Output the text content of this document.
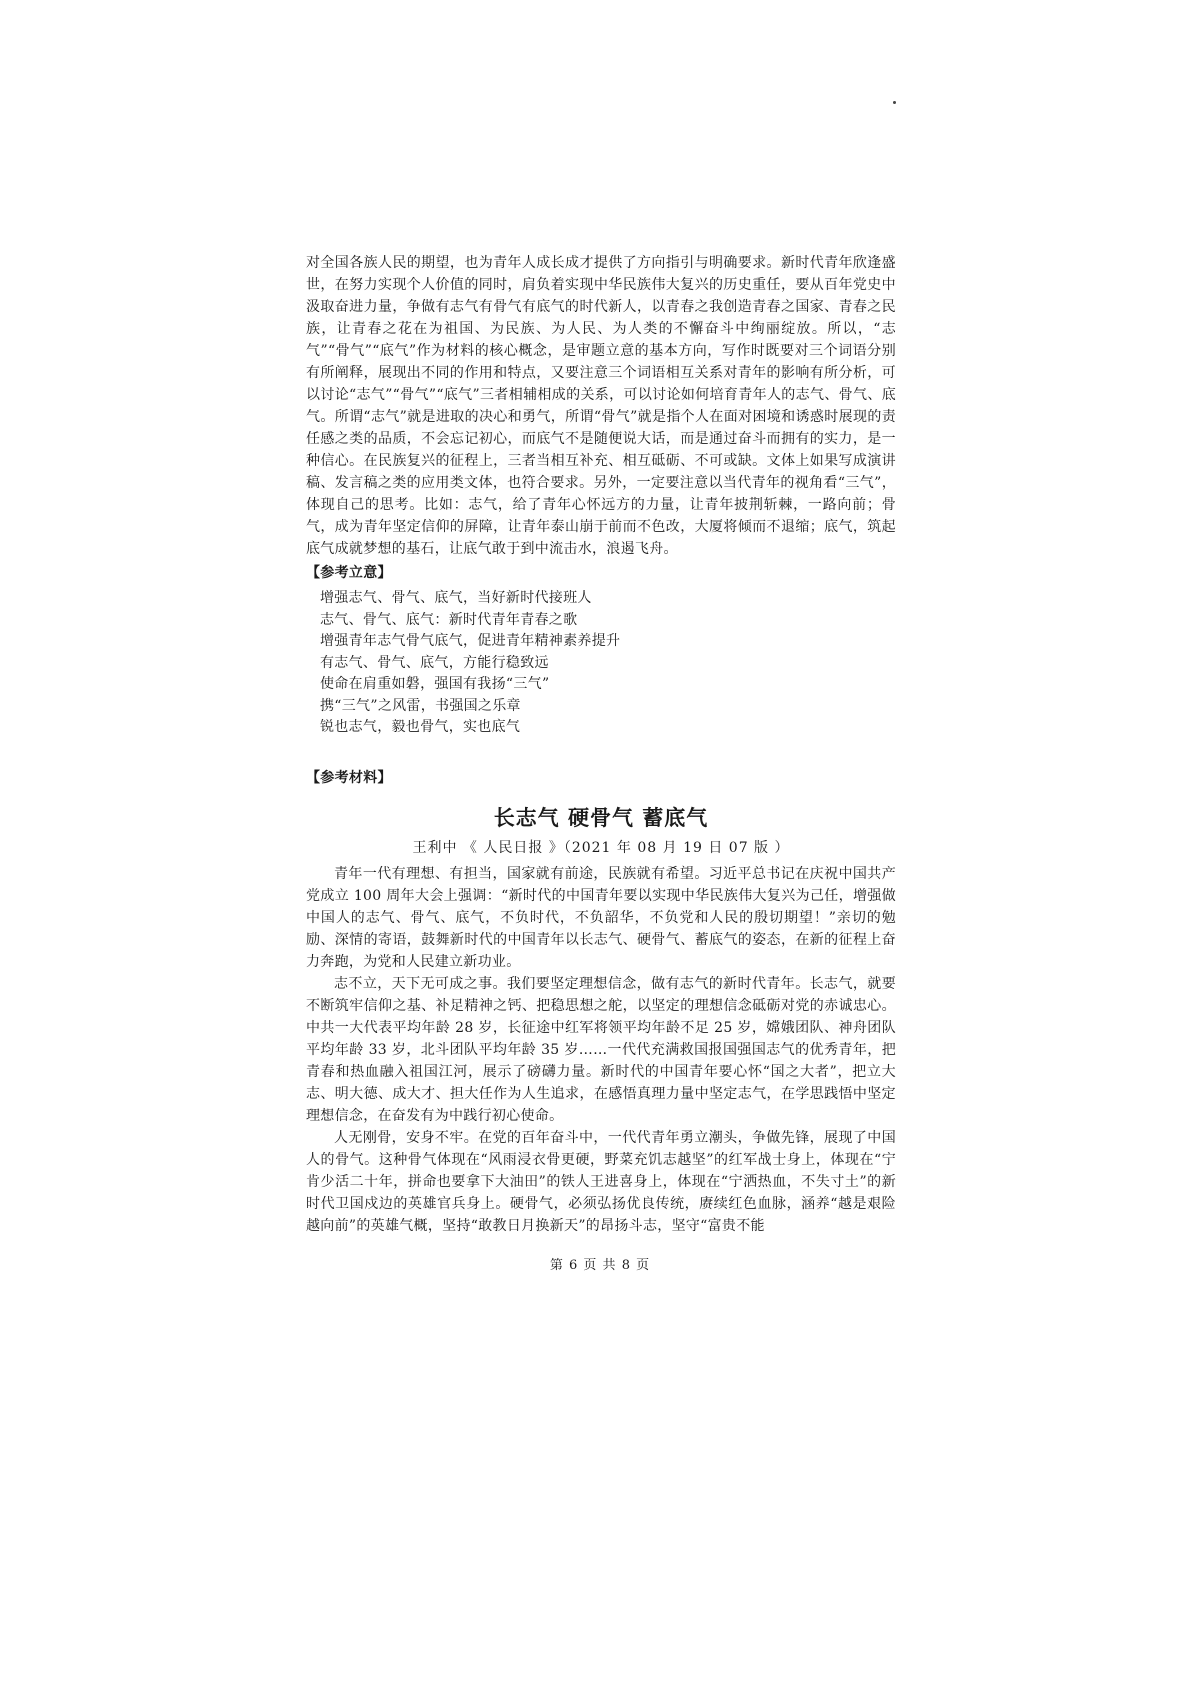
对全国各族人民的期望，也为青年人成长成才提供了方向指引与明确要求。新时代青年欣逢盛世，在努力实现个人价值的同时，肩负着实现中华民族伟大复兴的历史重任，要从百年党史中汲取奋进力量，争做有志气有骨气有底气的时代新人，以青春之我创造青春之国家、青春之民族，让青春之花在为祖国、为民族、为人民、为人类的不懈奋斗中绚丽绽放。所以，“志气”“骨气”“底气”作为材料的核心概念，是审题立意的基本方向，写作时既要对三个词语分别有所阐释，展现出不同的作用和特点，又要注意三个词语相互关系对青年的影响有所分析，可以讨论“志气”“骨气”“底气”三者相辅相成的关系，可以讨论如何培育青年人的志气、骨气、底气。所谓“志气”就是进取的决心和勇气，所谓“骨气”就是指个人在面对困境和诱惑时展现的责任感之类的品质，不会忘记初心，而底气不是随便说大话，而是通过奋斗而拥有的实力，是一种信心。在民族复兴的征程上，三者当相互补充、相互砥砺、不可或缺。文体上如果写成演讲稿、发言稿之类的应用类文体，也符合要求。另外，一定要注意以当代青年的视角看“三气”，体现自己的思考。比如：志气，给了青年心怀远方的力量，让青年披荆斩棘，一路向前；骨气，成为青年坚定信仰的屏障，让青年泰山崩于前而不色改，大厦将倾而不退缩；底气，筑起底气成就梦想的基石，让底气敢于到中流击水，浪遏飞舟。

【参考立意】
增强志气、骨气、底气，当好新时代接班人
志气、骨气、底气：新时代青年青春之歌
增强青年志气骨气底气，促进青年精神素养提升
有志气、骨气、底气，方能行稳致远
使命在肩重如磐，强国有我扬“三气”
携“三气”之风雷，书强国之乐章
锐也志气，毅也骨气，实也底气
【参考材料】
长志气 硬骨气 蓄底气
王利中 《 人民日报 》（2021 年 08 月 19 日 07 版 ）

青年一代有理想、有担当，国家就有前途，民族就有希望。习近平总书记在庆祝中国共产党成立 100 周年大会上强调：“新时代的中国青年要以实现中华民族伟大复兴为己任，增强做中国人的志气、骨气、底气，不负时代，不负韶华，不负党和人民的殷切期望！”亲切的勉励、深情的寄语，鼓舞新时代的中国青年以长志气、硬骨气、蓄底气的姿态，在新的征程上奋力奔跑，为党和人民建立新功业。

志不立，天下无可成之事。我们要坚定理想信念，做有志气的新时代青年。长志气，就要不断筑牢信仰之基、补足精神之钙、把稳思想之舵，以坚定的理想信念砥砺对党的赤诚忠心。中共一大代表平均年龄 28 岁，长征途中红军将领平均年龄不足 25 岁，嫦娥团队、神舟团队平均年龄 33 岁，北斗团队平均年龄 35 岁……一代代充满救国报国强国志气的优秀青年，把青春和热血融入祖国江河，展示了磅礴力量。新时代的中国青年要心怀“国之大者”，把立大志、明大德、成大才、担大任作为人生追求，在感悟真理力量中坚定志气，在学思践悟中坚定理想信念，在奋发有为中践行初心使命。

人无刚骨，安身不牢。在党的百年奋斗中，一代代青年勇立潮头，争做先锋，展现了中国人的骨气。这种骨气体现在“风雨浸衣骨更硬，野菜充饥志越坚”的红军战士身上，体现在“宁肯少活二十年，拼命也要拿下大油田”的铁人王进喜身上，体现在“宁洒热血，不失寸土”的新时代卫国戍边的英雄官兵身上。硬骨气，必须弘扬优良传统，赓续红色血脉，涵养“越是艰险越向前”的英雄气概，坚持“敢教日月换新天”的昂扬斗志，坚守“富贵不能

第 6 页 共 8 页
